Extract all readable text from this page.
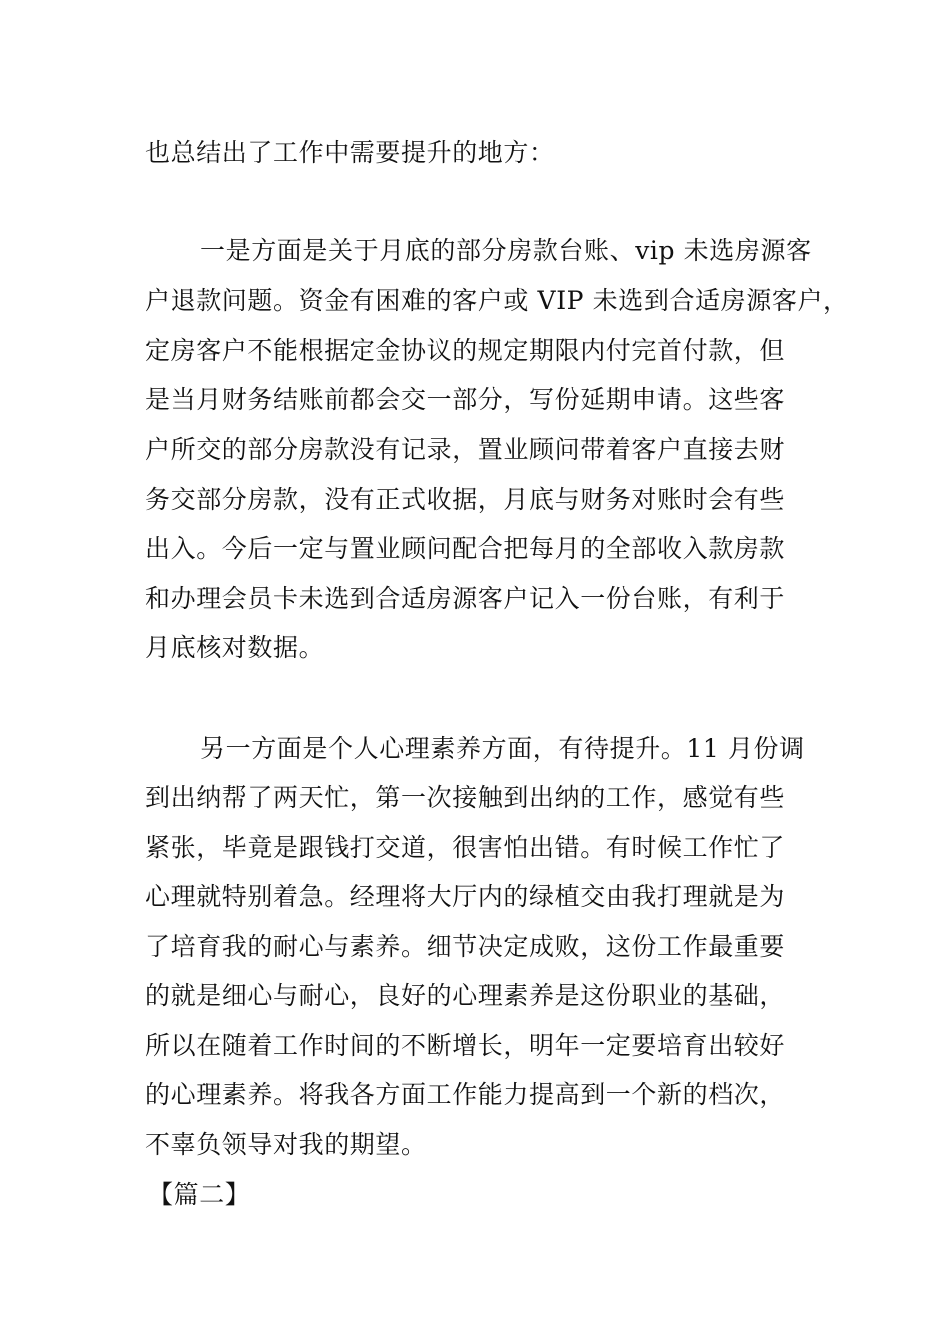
也总结出了工作中需要提升的地方：
一是方面是关于月底的部分房款台账、vip 未选房源客
户退款问题。资金有困难的客户或 VIP 未选到合适房源客户，
定房客户不能根据定金协议的规定期限内付完首付款，但
是当月财务结账前都会交一部分，写份延期申请。这些客
户所交的部分房款没有记录，置业顾问带着客户直接去财
务交部分房款，没有正式收据，月底与财务对账时会有些
出入。今后一定与置业顾问配合把每月的全部收入款房款
和办理会员卡未选到合适房源客户记入一份台账，有利于
月底核对数据。
另一方面是个人心理素养方面，有待提升。11 月份调
到出纳帮了两天忙，第一次接触到出纳的工作，感觉有些
紧张，毕竟是跟钱打交道，很害怕出错。有时候工作忙了
心理就特别着急。经理将大厅内的绿植交由我打理就是为
了培育我的耐心与素养。细节决定成败，这份工作最重要
的就是细心与耐心，良好的心理素养是这份职业的基础，
所以在随着工作时间的不断增长，明年一定要培育出较好
的心理素养。将我各方面工作能力提高到一个新的档次，
不辜负领导对我的期望。
【篇二】
